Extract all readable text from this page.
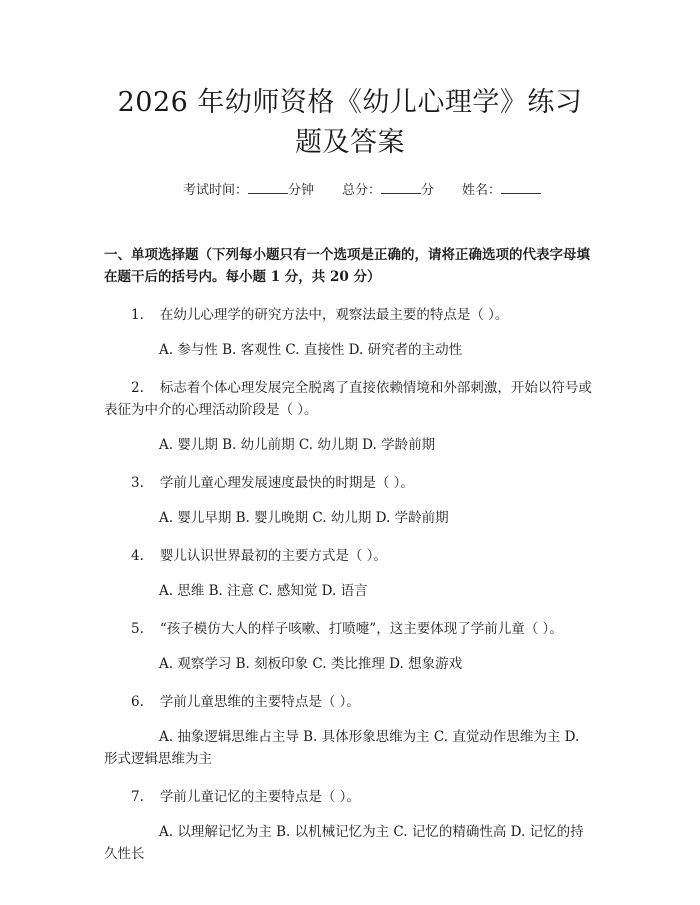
2026 年幼师资格《幼儿心理学》练习题及答案
考试时间：	分钟 总分：	分 姓名：
一、单项选择题（下列每小题只有一个选项是正确的，请将正确选项的代表字母填在题干后的括号内。每小题 1 分，共 20 分）
1. 在幼儿心理学的研究方法中，观察法最主要的特点是（ ）。
A. 参与性 B. 客观性 C. 直接性 D. 研究者的主动性
2. 标志着个体心理发展完全脱离了直接依赖情境和外部刺激，开始以符号或表征为中介的心理活动阶段是（ ）。
A. 婴儿期 B. 幼儿前期 C. 幼儿期 D. 学龄前期
3. 学前儿童心理发展速度最快的时期是（ ）。
A. 婴儿早期 B. 婴儿晚期 C. 幼儿期 D. 学龄前期
4. 婴儿认识世界最初的主要方式是（ ）。
A. 思维 B. 注意 C. 感知觉 D. 语言
5. “孩子模仿大人的样子咳嗽、打喷嚏”，这主要体现了学前儿童（ ）。
A. 观察学习 B. 刻板印象 C. 类比推理 D. 想象游戏
6. 学前儿童思维的主要特点是（ ）。
A. 抽象逻辑思维占主导 B. 具体形象思维为主 C. 直觉动作思维为主 D. 形式逻辑思维为主
7. 学前儿童记忆的主要特点是（ ）。
A. 以理解记忆为主 B. 以机械记忆为主 C. 记忆的精确性高 D. 记忆的持久性长
